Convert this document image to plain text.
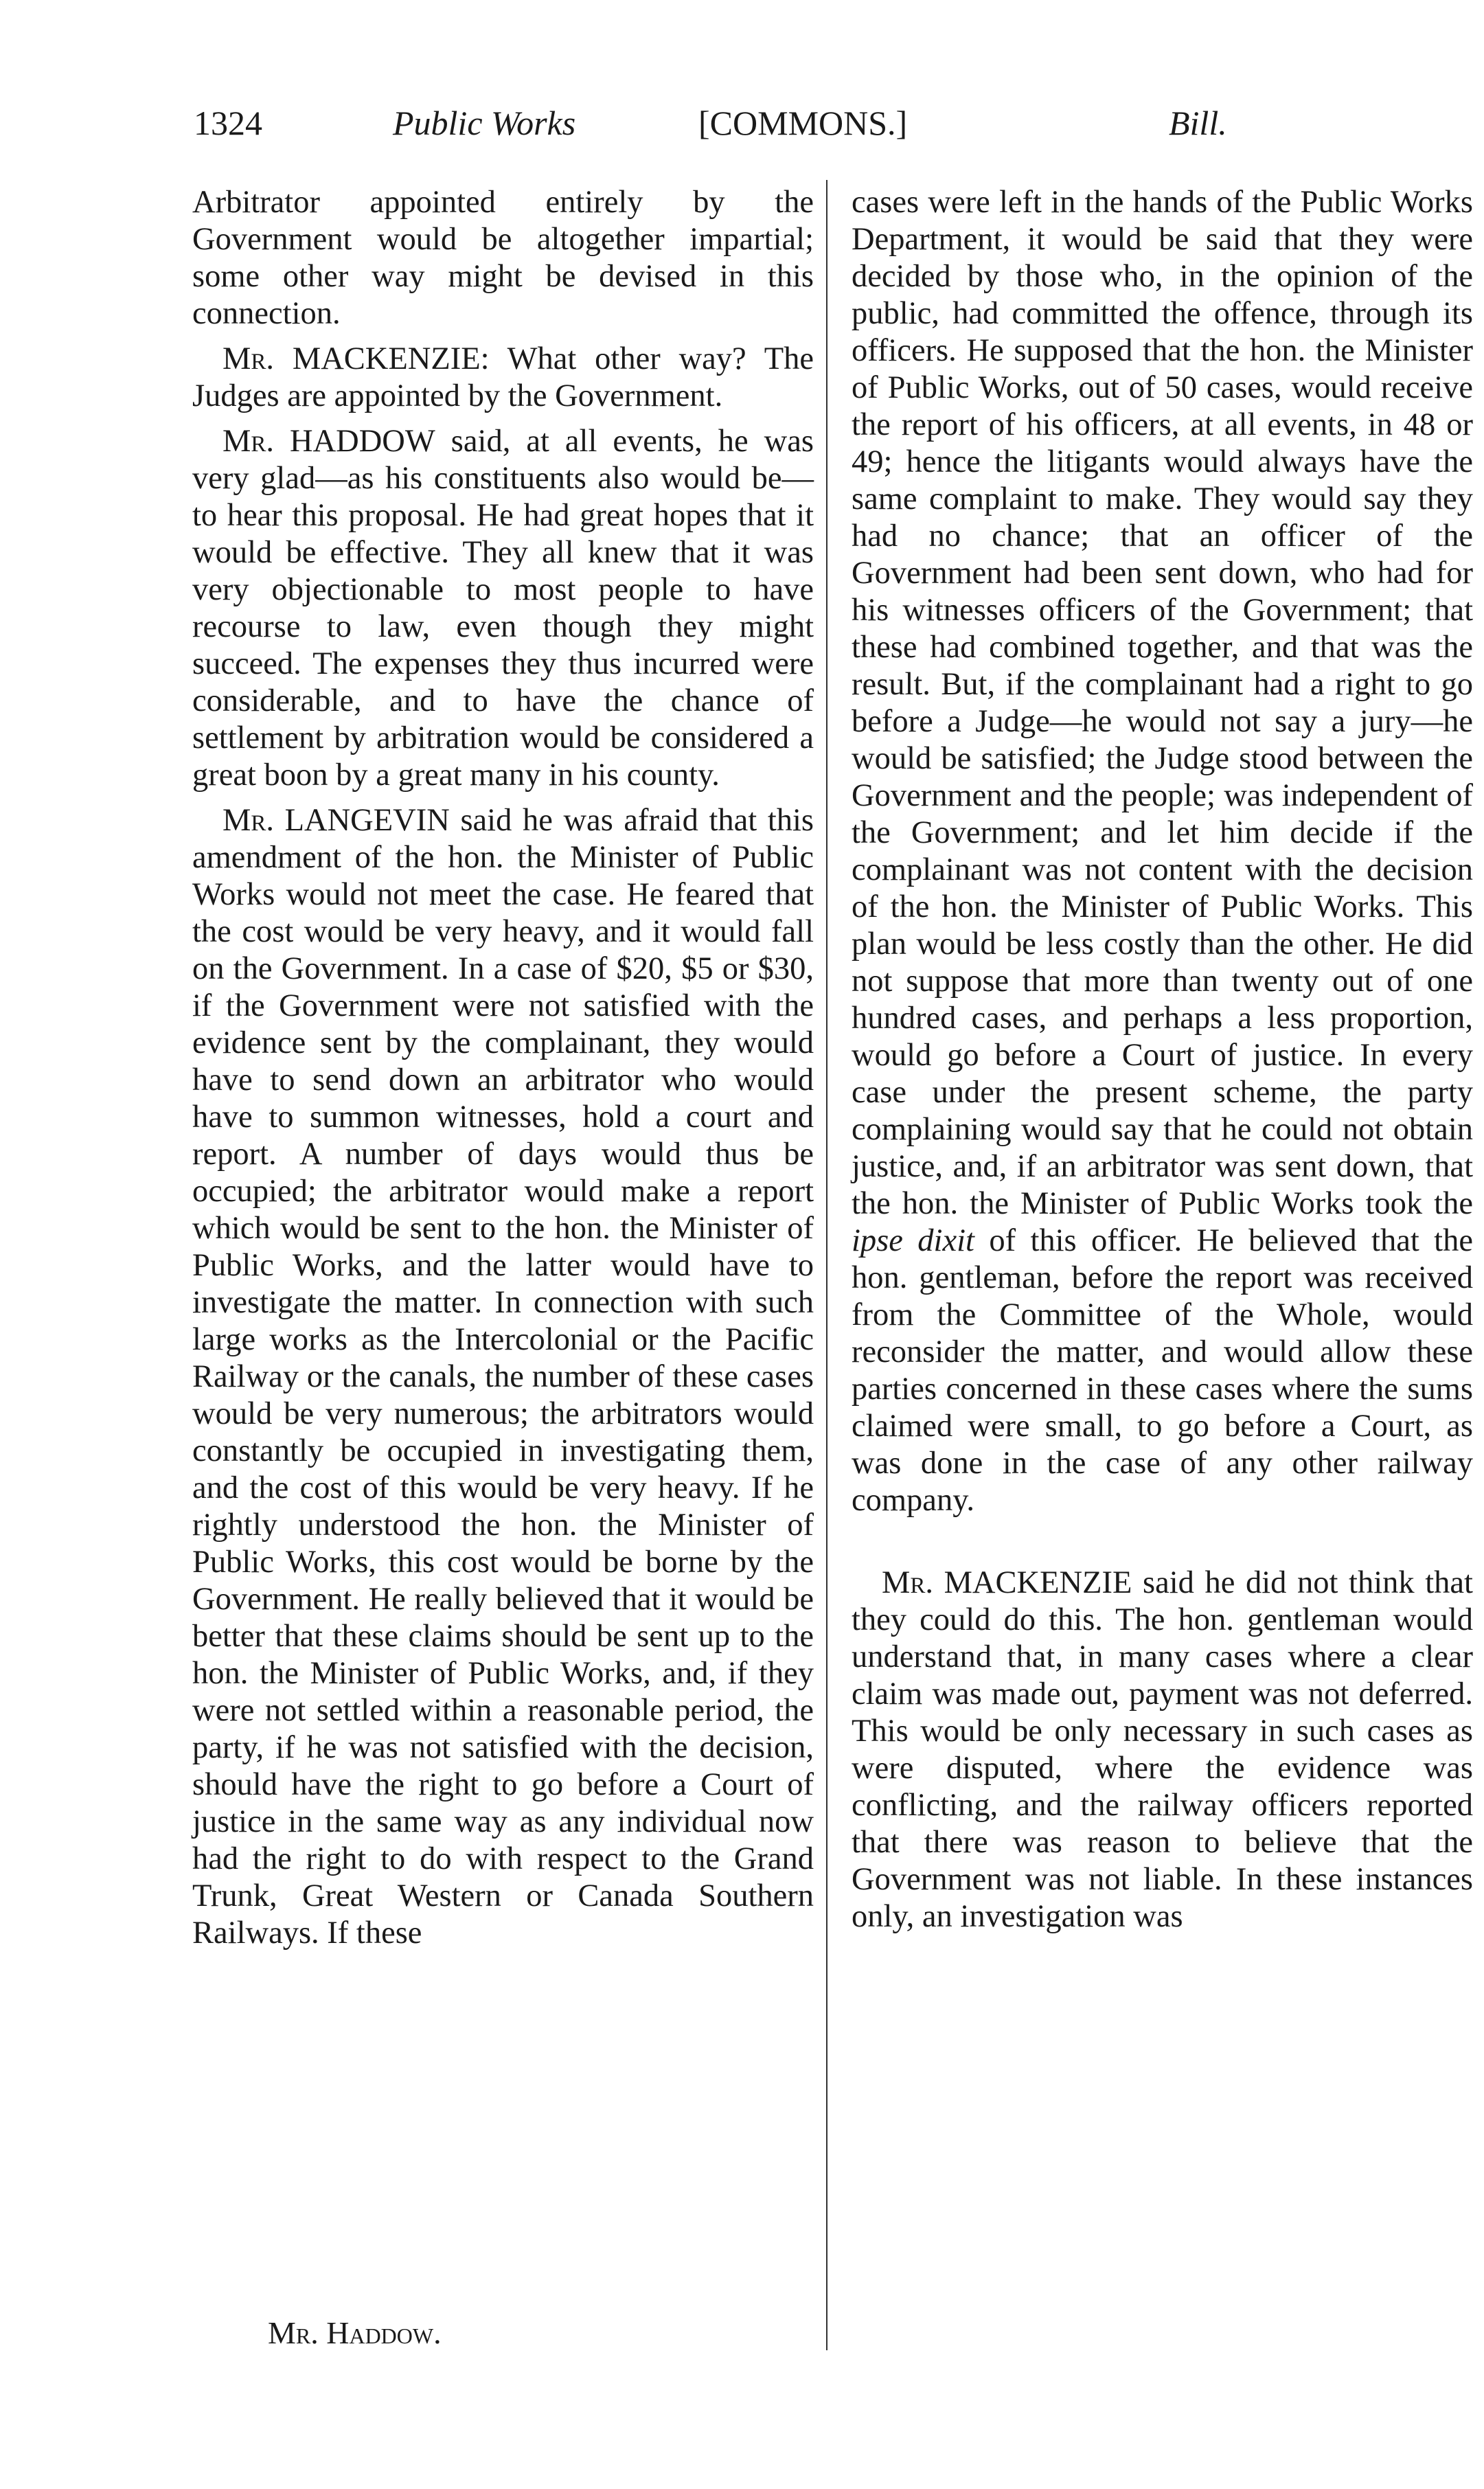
1324	Public Works	[COMMONS.]	Bill.

Arbitrator appointed entirely by the Government would be altogether impartial; some other way might be devised in this connection.

Mr. MACKENZIE: What other way? The Judges are appointed by the Government.

Mr. HADDOW said, at all events, he was very glad—as his constituents also would be—to hear this proposal. He had great hopes that it would be effective. They all knew that it was very objectionable to most people to have recourse to law, even though they might succeed. The expenses they thus incurred were considerable, and to have the chance of settlement by arbitration would be considered a great boon by a great many in his county.

Mr. LANGEVIN said he was afraid that this amendment of the hon. the Minister of Public Works would not meet the case. He feared that the cost would be very heavy, and it would fall on the Government. In a case of $20, $5 or $30, if the Government were not satisfied with the evidence sent by the complainant, they would have to send down an arbitrator who would have to summon witnesses, hold a court and report. A number of days would thus be occupied; the arbitrator would make a report which would be sent to the hon. the Minister of Public Works, and the latter would have to investigate the matter. In connection with such large works as the Intercolonial or the Pacific Railway or the canals, the number of these cases would be very numerous; the arbitrators would constantly be occupied in investigating them, and the cost of this would be very heavy. If he rightly understood the hon. the Minister of Public Works, this cost would be borne by the Government. He really believed that it would be better that these claims should be sent up to the hon. the Minister of Public Works, and, if they were not settled within a reasonable period, the party, if he was not satisfied with the decision, should have the right to go before a Court of justice in the same way as any individual now had the right to do with respect to the Grand Trunk, Great Western or Canada Southern Railways. If these

cases were left in the hands of the Public Works Department, it would be said that they were decided by those who, in the opinion of the public, had committed the offence, through its officers. He supposed that the hon. the Minister of Public Works, out of 50 cases, would receive the report of his officers, at all events, in 48 or 49; hence the litigants would always have the same complaint to make. They would say they had no chance; that an officer of the Government had been sent down, who had for his witnesses officers of the Government; that these had combined together, and that was the result. But, if the complainant had a right to go before a Judge—he would not say a jury—he would be satisfied; the Judge stood between the Government and the people; was independent of the Government; and let him decide if the complainant was not content with the decision of the hon. the Minister of Public Works. This plan would be less costly than the other. He did not suppose that more than twenty out of one hundred cases, and perhaps a less proportion, would go before a Court of justice. In every case under the present scheme, the party complaining would say that he could not obtain justice, and, if an arbitrator was sent down, that the hon. the Minister of Public Works took the ipse dixit of this officer. He believed that the hon. gentleman, before the report was received from the Committee of the Whole, would reconsider the matter, and would allow these parties concerned in these cases where the sums claimed were small, to go before a Court, as was done in the case of any other railway company.

Mr. MACKENZIE said he did not think that they could do this. The hon. gentleman would understand that, in many cases where a clear claim was made out, payment was not deferred. This would be only necessary in such cases as were disputed, where the evidence was conflicting, and the railway officers reported that there was reason to believe that the Government was not liable. In these instances only, an investigation was

Mr. Haddow.
